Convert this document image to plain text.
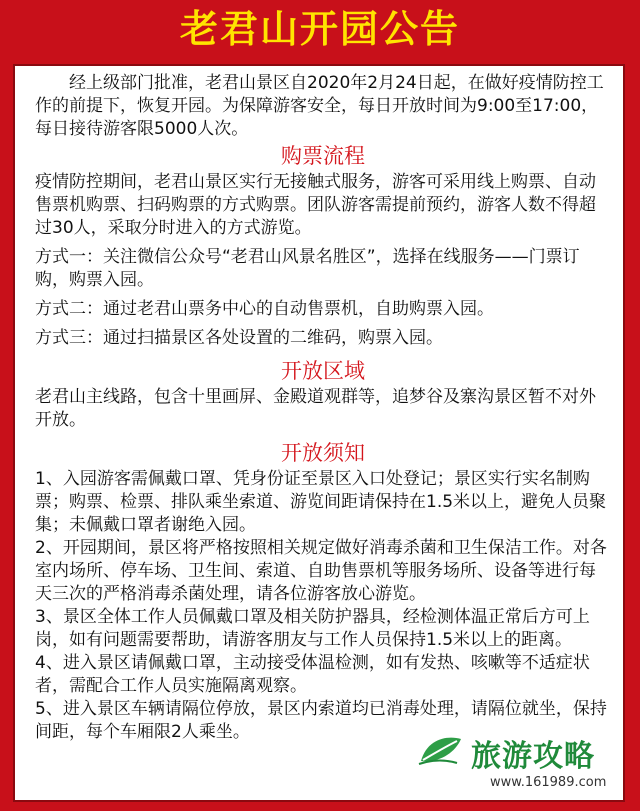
老君山开园公告

经上级部门批准，老君山景区自2020年2月24日起，在做好疫情防控工作的前提下，恢复开园。为保障游客安全，每日开放时间为9:00至17:00，每日接待游客限5000人次。

购票流程

疫情防控期间，老君山景区实行无接触式服务，游客可采用线上购票、自动售票机购票、扫码购票的方式购票。团队游客需提前预约，游客人数不得超过30人，采取分时进入的方式游览。

方式一：关注微信公众号“老君山风景名胜区”，选择在线服务——门票订购，购票入园。

方式二：通过老君山票务中心的自动售票机，自助购票入园。

方式三：通过扫描景区各处设置的二维码，购票入园。

开放区域

老君山主线路，包含十里画屏、金殿道观群等，追梦谷及寨沟景区暂不对外开放。

开放须知

1、入园游客需佩戴口罩、凭身份证至景区入口处登记；景区实行实名制购票；购票、检票、排队乘坐索道、游览间距请保持在1.5米以上，避免人员聚集；未佩戴口罩者谢绝入园。

2、开园期间，景区将严格按照相关规定做好消毒杀菌和卫生保洁工作。对各室内场所、停车场、卫生间、索道、自助售票机等服务场所、设备等进行每天三次的严格消毒杀菌处理，请各位游客放心游览。

3、景区全体工作人员佩戴口罩及相关防护器具，经检测体温正常后方可上岗，如有问题需要帮助，请游客朋友与工作人员保持1.5米以上的距离。

4、进入景区请佩戴口罩，主动接受体温检测，如有发热、咳嗽等不适症状者，需配合工作人员实施隔离观察。

5、进入景区车辆请隔位停放，景区内索道均已消毒处理，请隔位就坐，保持间距，每个车厢限2人乘坐。

旅游攻略
www.161989.com
